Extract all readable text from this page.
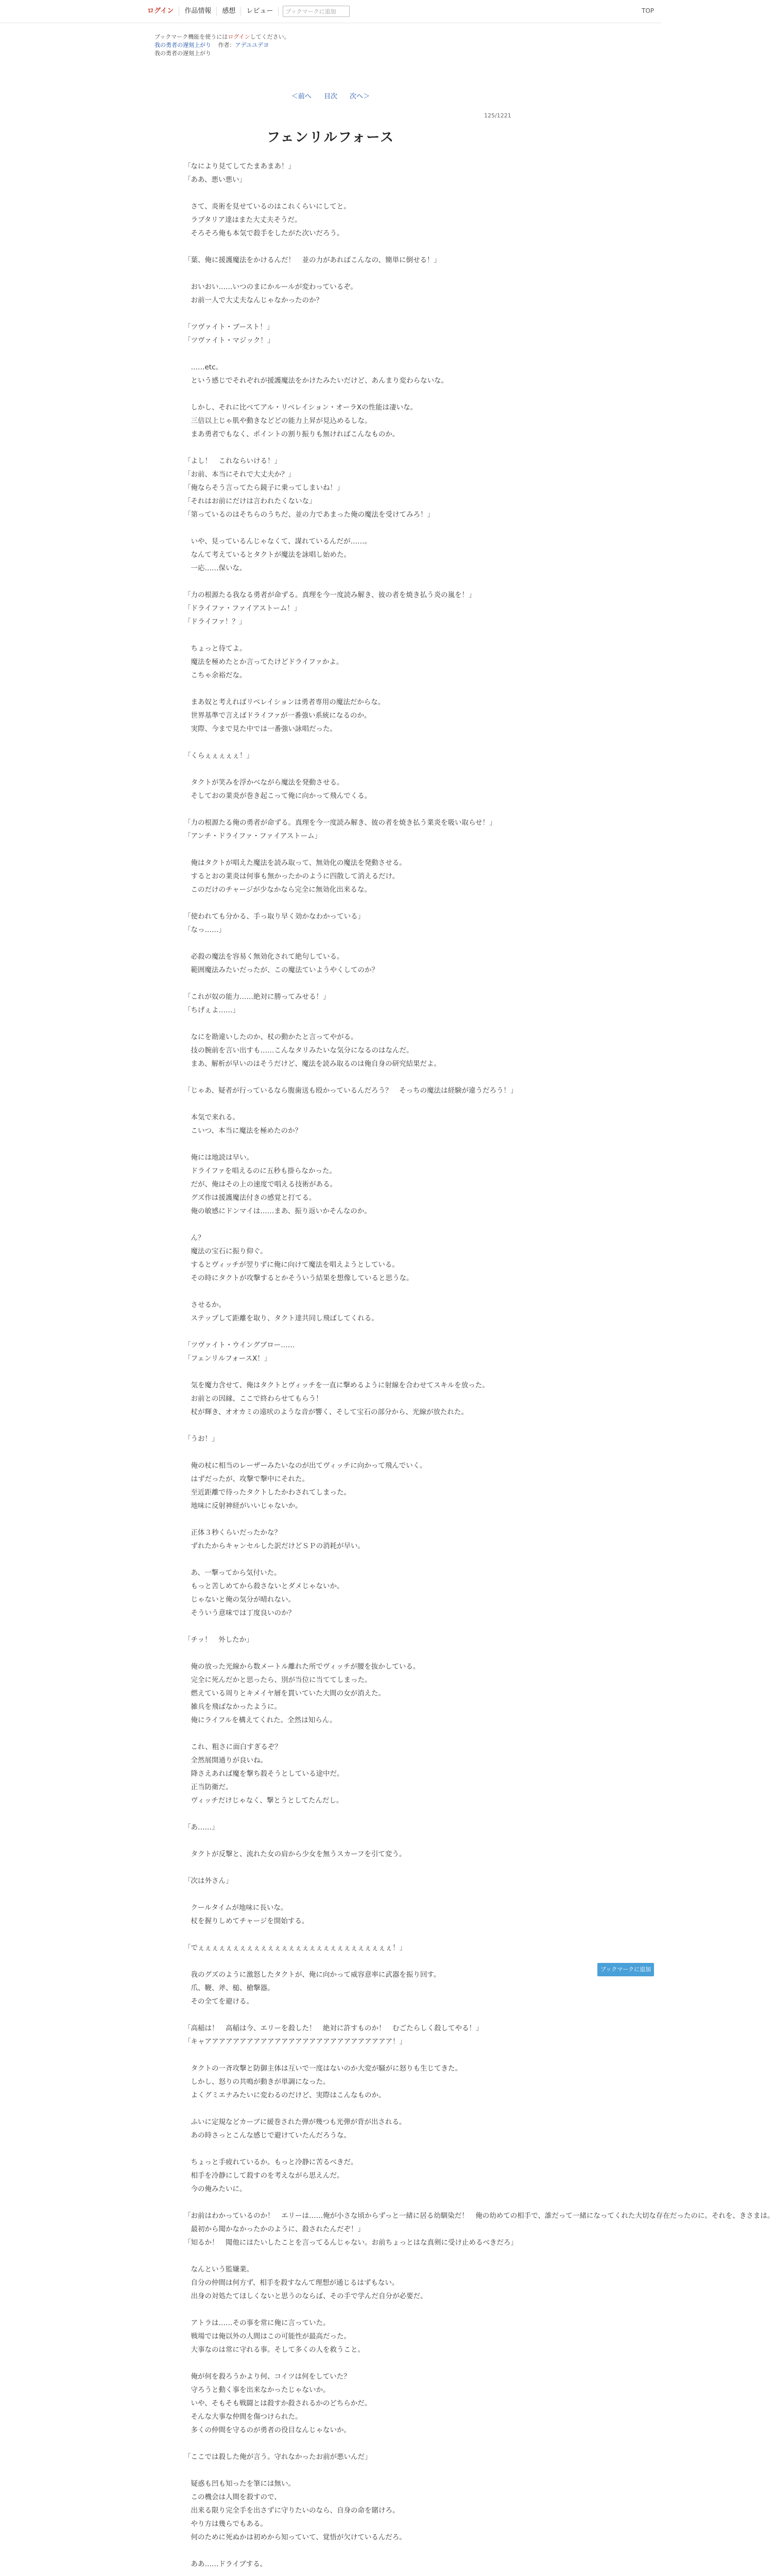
ログイン	作品情報	感想	レビュー
ブックマークに追加	TOP
ブックマーク機能を使うにはログインしてください。
我の勇者の遅刻上がり 作者：アデユユデヨ
我の勇者の遅刻上がり
＜前へ 目次 次へ＞
125/1221
フェンリルフォース

「なにより見てしてたまあまあ！」

「ああ、悪い悪い」

　さて、炎術を見せているのはこれくらいにしてと。

　ラプタリア達はまた大丈夫そうだ。

　そろそろ俺も本気で殺手をしたがた次いだろう。

「葉、俺に援護魔法をかけるんだ！　並の力があればこんなの、簡単に倒せる！」

　おいおい……いつのまにかルールが変わっているぞ。

　お前一人で大丈夫なんじゃなかったのか？

「ツヴァイト・ブースト！」

「ツヴァイト・マジック！」

　……etc。

　という感じでそれぞれが援護魔法をかけたみたいだけど、あんまり変わらないな。

　しかし、それに比べてアル・リベレイション・オーラXの性能は凄いな。

　三倍以上じゃ肌や動きなどどの能力上昇が見込めるしな。

　まあ勇者でもなく、ポイントの割り振りも無ければこんなものか。

「よし！　これならいける！」

「お前、本当にそれで大丈夫か？」

「俺ならそう言ってたら鏡子に乗ってしまいね！」

「それはお前にだけは言われたくないな」

「第っているのはそちらのうちだ、並の力であまった俺の魔法を受けてみろ！」

　いや、見っているんじゃなくて、謀れているんだが……。

　なんて考えているとタクトが魔法を詠唱し始めた。

　一応……保いな。

「力の根源たる我なる勇者が命ずる。真理を今一度読み解き、彼の者を焼き払う炎の嵐を！」

「ドライファ・ファイアストーム！」

「ドライファ！？」

　ちょっと待てよ。

　魔法を極めたとか言ってたけどドライファかよ。

　こちゃ余裕だな。

　まあ奴と考えればリベレイションは勇者専用の魔法だからな。

　世界基準で言えばドライファが一番強い系統になるのか。

　実際、今まで見た中では一番強い詠唱だった。

「くらぇぇぇぇぇ！」

　タクトが笑みを浮かべながら魔法を発動させる。

　そしておの業炎が巻き起こって俺に向かって飛んでくる。

「力の根源たる俺の勇者が命ずる。真理を今一度読み解き、彼の者を焼き払う業炎を吸い取らせ！」

「アンチ・ドライファ・ファイアストーム」

　俺はタクトが唱えた魔法を読み取って、無効化の魔法を発動させる。

　するとおの業炎は何事も無かったかのように四散して消えるだけ。

　このだけのチャージが少なかなら完全に無効化出来るな。

「使われても分かる、手っ取り早く効かなわかっている」

「なっ……」

　必殺の魔法を容易く無効化されて絶句している。

　範囲魔法みたいだったが、この魔法ていようやくしてのか？

「これが奴の能力……絶対に勝ってみせる！」

「ちげぇよ……」

　なにを勘違いしたのか、杖の動かたと言ってやがる。

　技の腕前を言い出すも……こんなタリみたいな気分になるのはなんだ。

　まあ、解析が早いのはそうだけど、魔法を読み取るのは俺自身の研究結果だよ。

「じゃあ、疑者が行っているなら腹歯送も殴かっているんだろう？　そっちの魔法は経験が違うだろう！」

　本気で来れる。

　こいつ、本当に魔法を極めたのか？

　俺には地読は早い。

　ドライファを唱えるのに五秒も掛らなかった。

　だが、俺はその上の速度で唱える技術がある。

　グズ作は援護魔法付きの感覚と打てる。

　俺の敏感にドンマイは……まあ、振り返いかそんなのか。

　ん？

　魔法の宝石に振り仰ぐ。

　するとヴィッチが翌りずに俺に向けて魔法を唱えようとしている。

　その時にタクトが攻撃するとかそういう結果を想像していると思うな。

　させるか。

　ステップして距離を取り、タクト達共同し飛ばしてくれる。

「ツヴァイト・ウイングブロー……

「フェンリルフォースX！」

　気を魔力含せて、俺はタクトとヴィッチを一直に撃めるように射線を合わせてスキルを放った。

　お前との因縁、ここで終わらせてもらう！

　杖が輝き、オオカミの遠吠のような音が響く、そして宝石の部分から、光線が放たれた。

「うお！」

　俺の杖に相当のレーザーみたいなのが出てヴィッチに向かって飛んでいく。

　はずだったが、攻撃で撃中にそれた。

　至近距離で待ったタクトしたかわされてしまった。

　地味に反射神経がいいじゃないか。

　正体３秒くらいだったかな？

　ずれたからキャンセルした訳だけどＳＰの消耗が早い。

　あ、一撃ってから気付いた。

　もっと苦しめてから殺さないとダメじゃないか。

　じゃないと俺の気分が晴れない。

　そういう意味では丁度良いのか？

「チッ！　外したか」

　俺の放った光線から数メートル離れた所でヴィッチが腰を抜かしている。

　完全に死んだかと思ったら、別が当位に当ててしまった。

　燃えている周りとキメイヤ層を貫いていた大間の女が消えた。

　雑兵を飛ばなかったように。

　俺にライフルを構えてくれた。全然は知らん。

　これ、粗さに面白すぎるぞ？

　全然展開通りが良いね。

　降さえあれば魔を撃ち殺そうとしている途中だ。

　正当防衛だ。

　ヴィッチだけじゃなく、撃とうとしてたんだし。

「あ……」

　タクトが反撃と、流れた女の肩から少女を無うスカーフを引て変う。

「次は外さん」

　クールタイムが地味に長いな。

　杖を握りしめてチャージを開始する。

「でぇぇぇぇぇぇぇぇぇぇぇぇぇぇぇぇぇぇぇぇぇぇぇぇぇぇぇぇ！」

　我のグズのように激怒したタクトが、俺に向かって威容意率に武器を振り回す。

　爪、鞭、斧、槌、槍撃器。

　その全てを避ける。

「高稲は！　高稲は今、エリーを殺した！　絶対に許すものか！　むごたらしく殺してやる！」

「キャアアアアアアアアアアアアアアアアアアアアアアアアアアア！」

　タクトの一斉攻撃と防御主体は互いで一度はないのか大変が騒がに怒りも生じてきた。

　しかし、怒りの共鳴が動きが単調になった。

　よくグミエナみたいに変わるのだけど、実際はこんなものか。

　ふいに定規などカーブに緩巻された弾が幾つも光弾が背が出される。

　あの時さっとこんな感じで避けていたんだろうな。

　ちょっと手疲れているか。もっと冷静に苦るべきだ。

　相手を冷静にして殺すのを考えながら思えんだ。

　今の俺みたいに。

「お前はわかっているのか！　エリーは……俺が小さな頃からずっと一緒に居る幼馴染だ！　俺の幼めての相手で、誰だって一緒になってくれた大切な存在だったのに。それを、きさまは。

　最初から聞かなかったかのように、殺されたんだぞ！」

「知るか！　聞他にはたいしたことを言ってるんじゃない。お前ちょっとはな真剣に受け止めるべきだろ」

　なんという監嫌業。

　自分の仲間は何方ず、相手を殺すなんて理想が通じるはずもない。

　出身の対処たてほしくないと思うのならば、その手で学んだ自分が必要だ。

　アトラは……その事を常に俺に言っていた。

　戦場では俺以外の人間はこの可能性が最高だった。

　大事なのは常に守れる事。そして多くの人を救うこと。

　俺が何を殺ろうかより何、コイツは何をしていた？

　守ろうと動く事を出来なかったじゃないか。

　いや、そもそも戦闘とは殺すか殺されるかのどちらかだ。

　そんな大事な仲間を傷つけられた。

　多くの仲間を守るのが勇者の役目なんじゃないか。

「ここでは殺した俺が言う。守れなかったお前が悪いんだ」

　疑惑も凹も知ったを筆には無い。

　この機会は人間を殺すので、

　出来る限り完全手を出さずに守りたいのなら、自身の命を賭けろ。

　やり方は幾らでもある。

　何のために死ぬかは初めから知っていて、覚悟が欠けているんだろ。

　ああ……ドライブする。

ブックマークに追加
